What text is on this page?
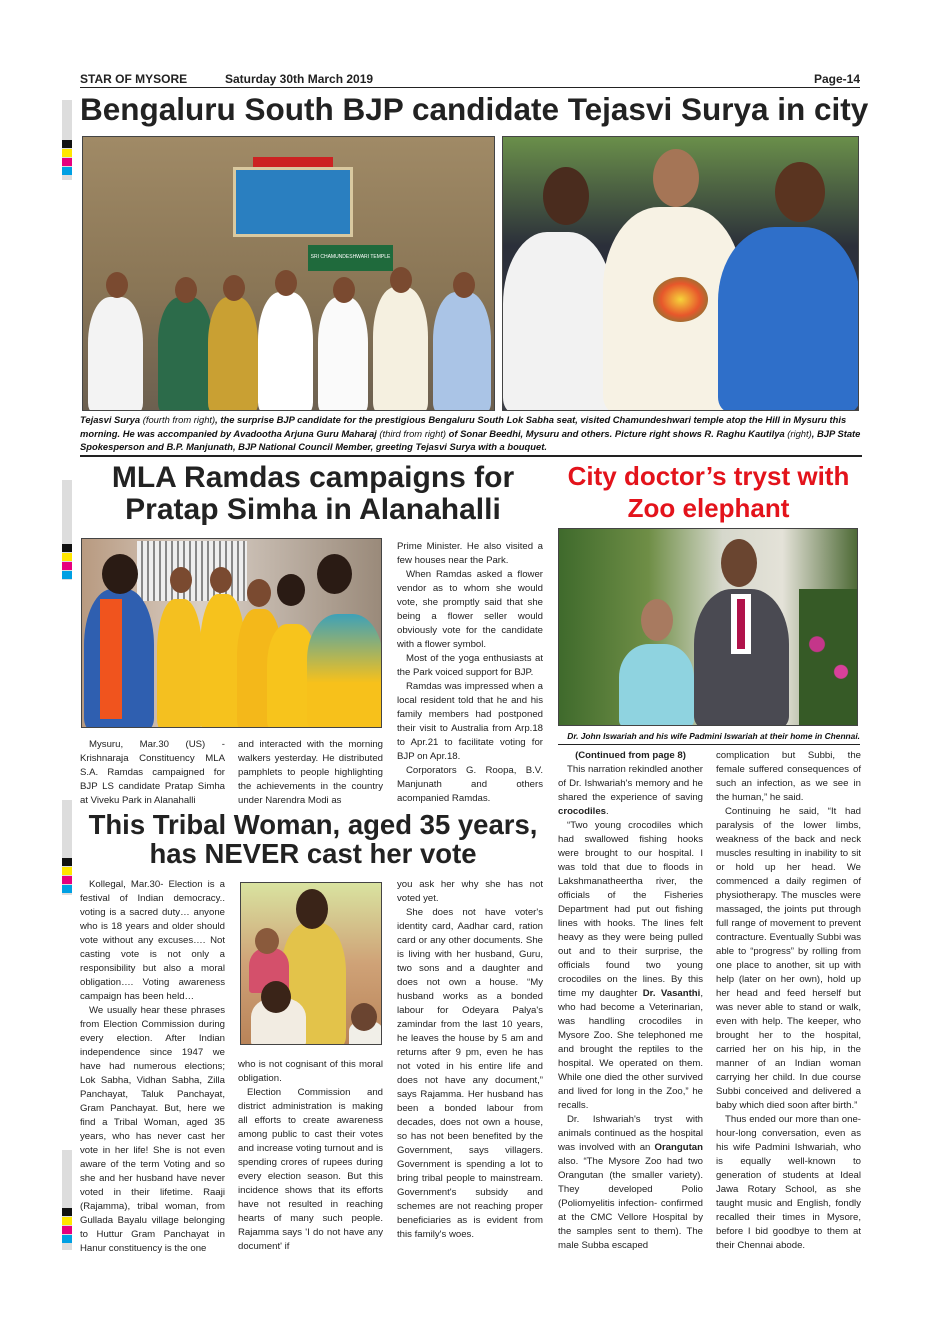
STAR OF MYSORE	Saturday 30th March 2019	Page-14
Bengaluru South BJP candidate Tejasvi Surya in city
SRI CHAMUNDESHWARI TEMPLE
Tejasvi Surya (fourth from right), the surprise BJP candidate for the prestigious Bengaluru South Lok Sabha seat, visited Chamundeshwari temple atop the Hill in Mysuru this morning. He was accompanied by Avadootha Arjuna Guru Maharaj (third from right) of Sonar Beedhi, Mysuru and others. Picture right shows R. Raghu Kautilya (right), BJP State Spokesperson and B.P. Manjunath, BJP National Council Member, greeting Tejasvi Surya with a bouquet.
MLA Ramdas campaigns for
Pratap Simha in Alanahalli

Mysuru, Mar.30 (US) - Krishnaraja Constituency MLA S.A. Ramdas campaigned for BJP LS candidate Pratap Simha at Viveku Park in Alanahalli

and interacted with the morning walkers yesterday. He distributed pamphlets to people highlighting the achievements in the country under Narendra Modi as

Prime Minister. He also visited a few houses near the Park.

When Ramdas asked a flower vendor as to whom she would vote, she promptly said that she being a flower seller would obviously vote for the candidate with a flower symbol.

Most of the yoga enthusiasts at the Park voiced support for BJP.

Ramdas was impressed when a local resident told that he and his family members had postponed their visit to Australia from Arp.18 to Apr.21 to facilitate voting for BJP on Apr.18.

Corporators G. Roopa, B.V. Manjunath and others acompanied Ramdas.

This Tribal Woman, aged 35 years,
has NEVER cast her vote

Kollegal, Mar.30- Election is a festival of Indian democracy.. voting is a sacred duty… anyone who is 18 years and older should vote without any excuses…. Not casting vote is not only a responsibility but also a moral obligation…. Voting awareness campaign has been held…

We usually hear these phrases from Election Commission during every election. After Indian independence since 1947 we have had numerous elections; Lok Sabha, Vidhan Sabha, Zilla Panchayat, Taluk Panchayat, Gram Panchayat. But, here we find a Tribal Woman, aged 35 years, who has never cast her vote in her life! She is not even aware of the term Voting and so she and her husband have never voted in their lifetime. Raaji (Rajamma), tribal woman, from Gullada Bayalu village belonging to Huttur Gram Panchayat in Hanur constituency is the one

who is not cognisant of this moral obligation.

Election Commission and district administration is making all efforts to create awareness among public to cast their votes and increase voting turnout and is spending crores of rupees during every election season. But this incidence shows that its efforts have not resulted in reaching hearts of many such people. Rajamma says 'I do not have any document' if

you ask her why she has not voted yet.

She does not have voter's identity card, Aadhar card, ration card or any other documents. She is living with her husband, Guru, two sons and a daughter and does not own a house. “My husband works as a bonded labour for Odeyara Palya's zamindar from the last 10 years, he leaves the house by 5 am and returns after 9 pm, even he has not voted in his entire life and does not have any document,” says Rajamma. Her husband has been a bonded labour from decades, does not own a house, so has not been benefited by the Government, says villagers. Government is spending a lot to bring tribal people to mainstream. Government's subsidy and schemes are not reaching proper beneficiaries as is evident from this family's woes.

City doctor’s tryst with
Zoo elephant
Dr. John Iswariah and his wife Padmini Iswariah at their home in Chennai.

(Continued from page 8)

This narration rekindled another of Dr. Ishwariah's memory and he shared the experience of saving crocodiles.

“Two young crocodiles which had swallowed fishing hooks were brought to our hospital. I was told that due to floods in Lakshmanatheertha river, the officials of the Fisheries Department had put out fishing lines with hooks. The lines felt heavy as they were being pulled out and to their surprise, the officials found two young crocodiles on the lines. By this time my daughter Dr. Vasanthi, who had become a Veterinarian, was handling crocodiles in Mysore Zoo. She telephoned me and brought the reptiles to the hospital. We operated on them. While one died the other survived and lived for long in the Zoo,” he recalls.

Dr. Ishwariah's tryst with animals continued as the hospital was involved with an Orangutan also. “The Mysore Zoo had two Orangutan (the smaller variety). They developed Polio (Poliomyelitis infection- confirmed at the CMC Vellore Hospital by the samples sent to them). The male Subba escaped

complication but Subbi, the female suffered consequences of such an infection, as we see in the human,” he said.

Continuing he said, “It had paralysis of the lower limbs, weakness of the back and neck muscles resulting in inability to sit or hold up her head. We commenced a daily regimen of physiotherapy. The muscles were massaged, the joints put through full range of movement to prevent contracture. Eventually Subbi was able to “progress” by rolling from one place to another, sit up with help (later on her own), hold up her head and feed herself but was never able to stand or walk, even with help. The keeper, who brought her to the hospital, carried her on his hip, in the manner of an Indian woman carrying her child. In due course Subbi conceived and delivered a baby which died soon after birth.”

Thus ended our more than one-hour-long conversation, even as his wife Padmini Ishwariah, who is equally well-known to generation of students at Ideal Jawa Rotary School, as she taught music and English, fondly recalled their times in Mysore, before I bid goodbye to them at their Chennai abode.
